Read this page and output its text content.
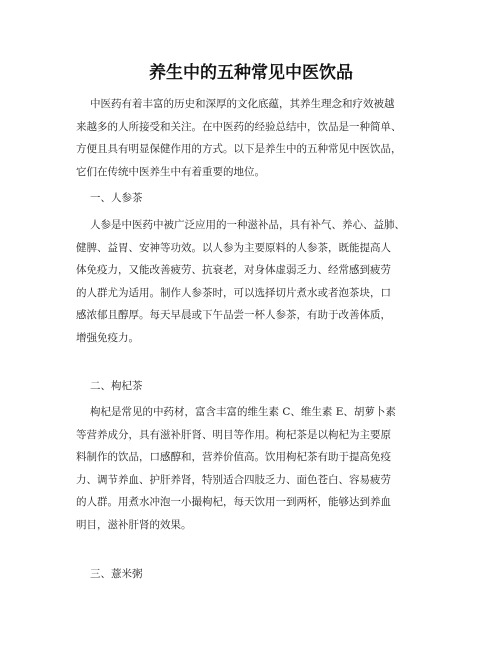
养生中的五种常见中医饮品
中医药有着丰富的历史和深厚的文化底蕴，其养生理念和疗效被越
来越多的人所接受和关注。在中医药的经验总结中，饮品是一种简单、
方便且具有明显保健作用的方式。以下是养生中的五种常见中医饮品，
它们在传统中医养生中有着重要的地位。
一、人参茶
人参是中医药中被广泛应用的一种滋补品，具有补气、养心、益肺、
健脾、益胃、安神等功效。以人参为主要原料的人参茶，既能提高人
体免疫力，又能改善疲劳、抗衰老，对身体虚弱乏力、经常感到疲劳
的人群尤为适用。制作人参茶时，可以选择切片煮水或者泡茶块，口
感浓郁且醇厚。每天早晨或下午品尝一杯人参茶，有助于改善体质，
增强免疫力。
二、枸杞茶
枸杞是常见的中药材，富含丰富的维生素 C、维生素 E、胡萝卜素
等营养成分，具有滋补肝肾、明目等作用。枸杞茶是以枸杞为主要原
料制作的饮品，口感醇和，营养价值高。饮用枸杞茶有助于提高免疫
力、调节养血、护肝养肾，特别适合四肢乏力、面色苍白、容易疲劳
的人群。用煮水冲泡一小撮枸杞，每天饮用一到两杯，能够达到养血
明目，滋补肝肾的效果。
三、薏米粥
